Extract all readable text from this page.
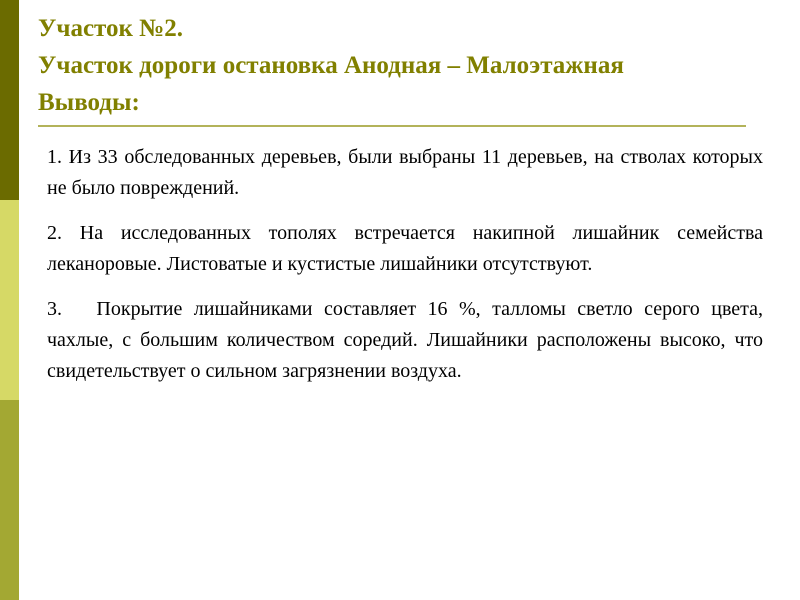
Участок №2.
Участок дороги остановка Анодная – Малоэтажная
Выводы:

1. Из 33 обследованных деревьев, были выбраны 11 деревьев, на стволах которых не было повреждений.

2. На исследованных тополях встречается накипной лишайник семейства леканоровые. Листоватые и кустистые лишайники отсутствуют.

3. Покрытие лишайниками составляет 16 %, талломы светло серого цвета, чахлые, с большим количеством соредий. Лишайники расположены высоко, что свидетельствует о сильном загрязнении воздуха.
